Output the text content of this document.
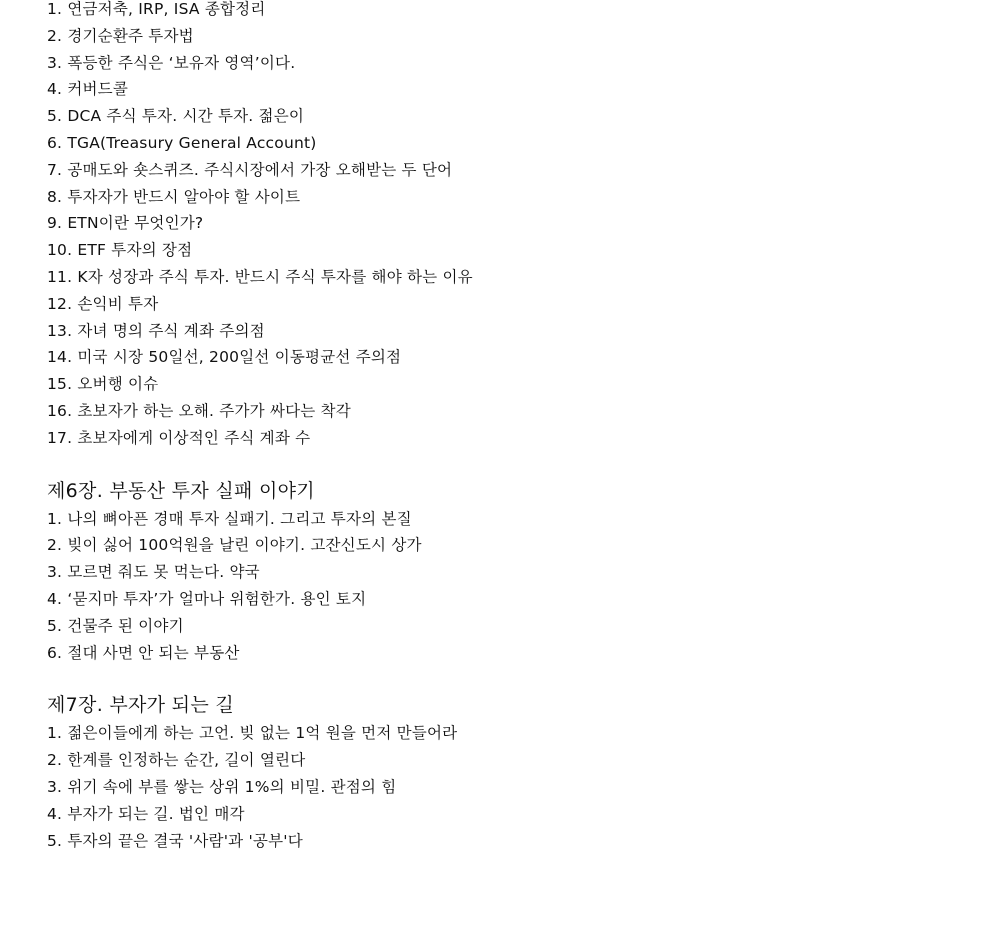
1. 연금저축, IRP, ISA 종합정리
2. 경기순환주 투자법
3. 폭등한 주식은 ‘보유자 영역’이다.
4. 커버드콜
5. DCA 주식 투자. 시간 투자. 젊은이
6. TGA(Treasury General Account)
7. 공매도와 숏스퀴즈. 주식시장에서 가장 오해받는 두 단어
8. 투자자가 반드시 알아야 할 사이트
9. ETN이란 무엇인가?
10. ETF 투자의 장점
11. K자 성장과 주식 투자. 반드시 주식 투자를 해야 하는 이유
12. 손익비 투자
13. 자녀 명의 주식 계좌 주의점
14. 미국 시장 50일선, 200일선 이동평균선 주의점
15. 오버행 이슈
16. 초보자가 하는 오해. 주가가 싸다는 착각
17. 초보자에게 이상적인 주식 계좌 수
제6장. 부동산 투자 실패 이야기
1. 나의 뼈아픈 경매 투자 실패기. 그리고 투자의 본질
2. 빚이 싫어 100억원을 날린 이야기. 고잔신도시 상가
3. 모르면 줘도 못 먹는다. 약국
4. ‘묻지마 투자’가 얼마나 위험한가. 용인 토지
5. 건물주 된 이야기
6. 절대 사면 안 되는 부동산
제7장. 부자가 되는 길
1. 젊은이들에게 하는 고언. 빚 없는 1억 원을 먼저 만들어라
2. 한계를 인정하는 순간, 길이 열린다
3. 위기 속에 부를 쌓는 상위 1%의 비밀. 관점의 힘
4. 부자가 되는 길. 법인 매각
5. 투자의 끝은 결국 '사람'과 '공부'다
